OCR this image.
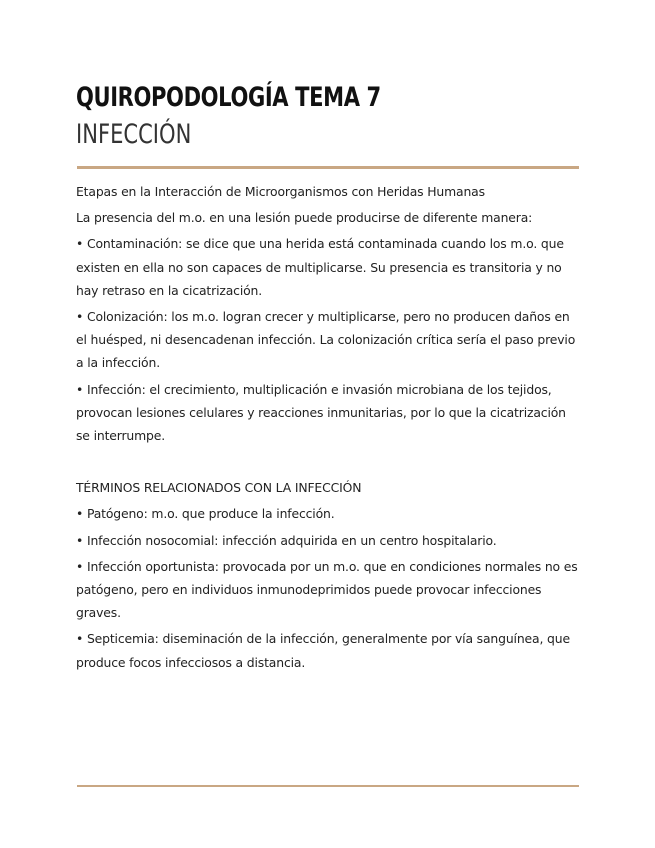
QUIROPODOLOGÍA TEMA 7
INFECCIÓN

Etapas en la Interacción de Microorganismos con Heridas Humanas

La presencia del m.o. en una lesión puede producirse de diferente manera:

• Contaminación: se dice que una herida está contaminada cuando los m.o. que existen en ella no son capaces de multiplicarse. Su presencia es transitoria y no hay retraso en la cicatrización.

• Colonización: los m.o. logran crecer y multiplicarse, pero no producen daños en el huésped, ni desencadenan infección. La colonización crítica sería el paso previo a la infección.

• Infección: el crecimiento, multiplicación e invasión microbiana de los tejidos, provocan lesiones celulares y reacciones inmunitarias, por lo que la cicatrización se interrumpe.

TÉRMINOS RELACIONADOS CON LA INFECCIÓN

• Patógeno: m.o. que produce la infección.

• Infección nosocomial: infección adquirida en un centro hospitalario.

• Infección oportunista: provocada por un m.o. que en condiciones normales no es patógeno, pero en individuos inmunodeprimidos puede provocar infecciones graves.

• Septicemia: diseminación de la infección, generalmente por vía sanguínea, que produce focos infecciosos a distancia.
